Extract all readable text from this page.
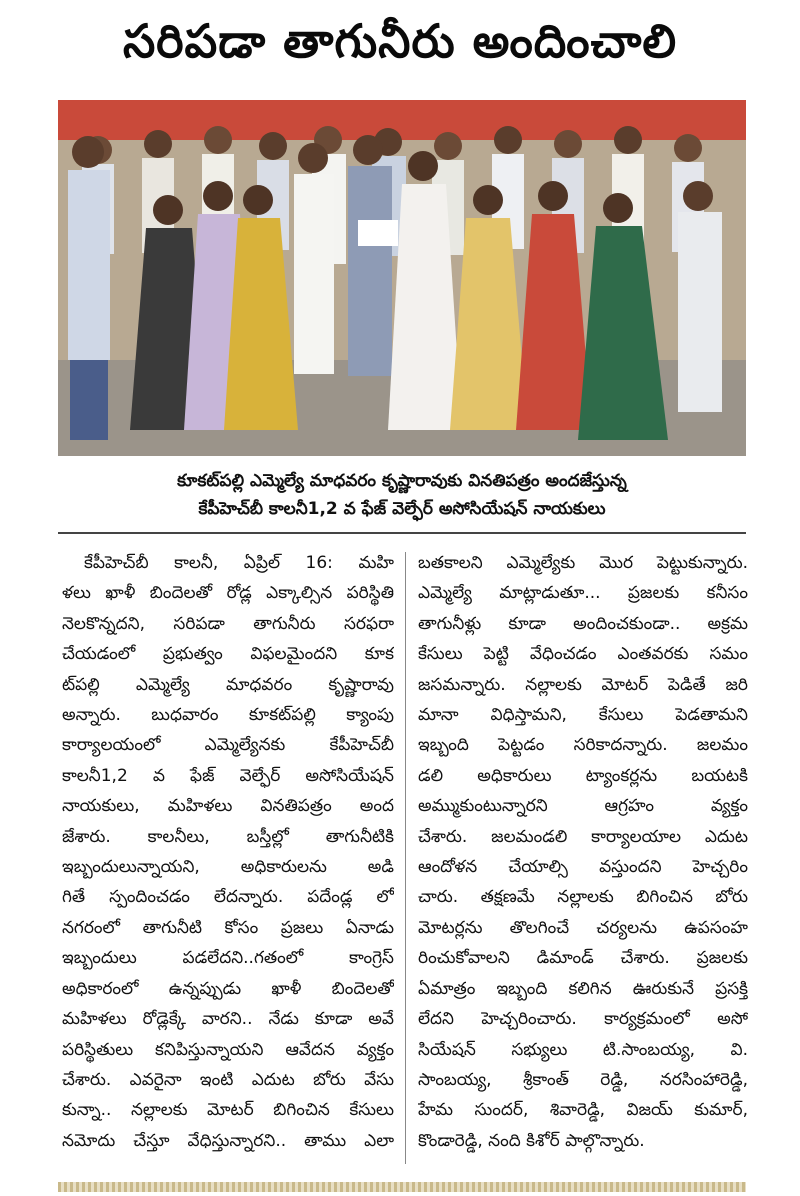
సరిపడా తాగునీరు అందించాలి
కూకట్‌పల్లి ఎమ్మెల్యే మాధవరం కృష్ణారావుకు వినతిపత్రం అందజేస్తున్న
కేపీహెచ్‌బీ కాలనీ1,2 వ ఫేజ్ వెల్ఫేర్ అసోసియేషన్ నాయకులు
కేపీహెచ్‌బీ కాలనీ, ఏప్రిల్ 16: మహి
ళలు ఖాళీ బిందెలతో రోడ్ల ఎక్కాల్సిన పరిస్థితి
నెలకొన్నదని, సరిపడా తాగునీరు సరఫరా
చేయడంలో ప్రభుత్వం విఫలమైందని కూక
ట్‌పల్లి ఎమ్మెల్యే మాధవరం కృష్ణారావు
అన్నారు. బుధవారం కూకట్‌పల్లి క్యాంపు
కార్యాలయంలో ఎమ్మెల్యేనకు కేపీహెచ్‌బీ
కాలనీ1,2 వ ఫేజ్ వెల్ఫేర్ అసోసియేషన్
నాయకులు, మహిళలు వినతిపత్రం అంద
జేశారు. కాలనీలు, బస్తీల్లో తాగునీటికి
ఇబ్బందులున్నాయని, అధికారులను అడి
గితే స్పందించడం లేదన్నారు. పదేండ్ల లో
నగరంలో తాగునీటి కోసం ప్రజలు ఏనాడు
ఇబ్బందులు పడలేదని..గతంలో కాంగ్రెస్
అధికారంలో ఉన్నప్పుడు ఖాళీ బిందెలతో
మహిళలు రోడ్లెక్కే వారని.. నేడు కూడా అవే
పరిస్థితులు కనిపిస్తున్నాయని ఆవేదన వ్యక్తం
చేశారు. ఎవరైనా ఇంటి ఎదుట బోరు వేసు
కున్నా.. నల్లాలకు మోటర్ బిగించిన కేసులు
నమోదు చేస్తూ వేధిస్తున్నారని.. తాము ఎలా
బతకాలని ఎమ్మెల్యేకు మొర పెట్టుకున్నారు.
ఎమ్మెల్యే మాట్లాడుతూ... ప్రజలకు కనీసం
తాగునీళ్లు కూడా అందించకుండా.. అక్రమ
కేసులు పెట్టి వేధించడం ఎంతవరకు సమం
జసమన్నారు. నల్లాలకు మోటర్ పెడితే జరి
మానా విధిస్తామని, కేసులు పెడతామని
ఇబ్బంది పెట్టడం సరికాదన్నారు. జలమం
డలి అధికారులు ట్యాంకర్లను బయటకి
అమ్ముకుంటున్నారని ఆగ్రహం వ్యక్తం
చేశారు. జలమండలి కార్యాలయాల ఎదుట
ఆందోళన చేయాల్సి వస్తుందని హెచ్చరిం
చారు. తక్షణమే నల్లాలకు బిగించిన బోరు
మోటర్లను తొలగించే చర్యలను ఉపసంహ
రించుకోవాలని డిమాండ్ చేశారు. ప్రజలకు
ఏమాత్రం ఇబ్బంది కలిగిన ఊరుకునే ప్రసక్తి
లేదని హెచ్చరించారు. కార్యక్రమంలో అసో
సియేషన్ సభ్యులు టి.సాంబయ్య, వి.
సాంబయ్య, శ్రీకాంత్ రెడ్డి, నరసింహారెడ్డి,
హేమ సుందర్, శివారెడ్డి, విజయ్ కుమార్,
కొండారెడ్డి, నంది కిశోర్ పాల్గొన్నారు.
